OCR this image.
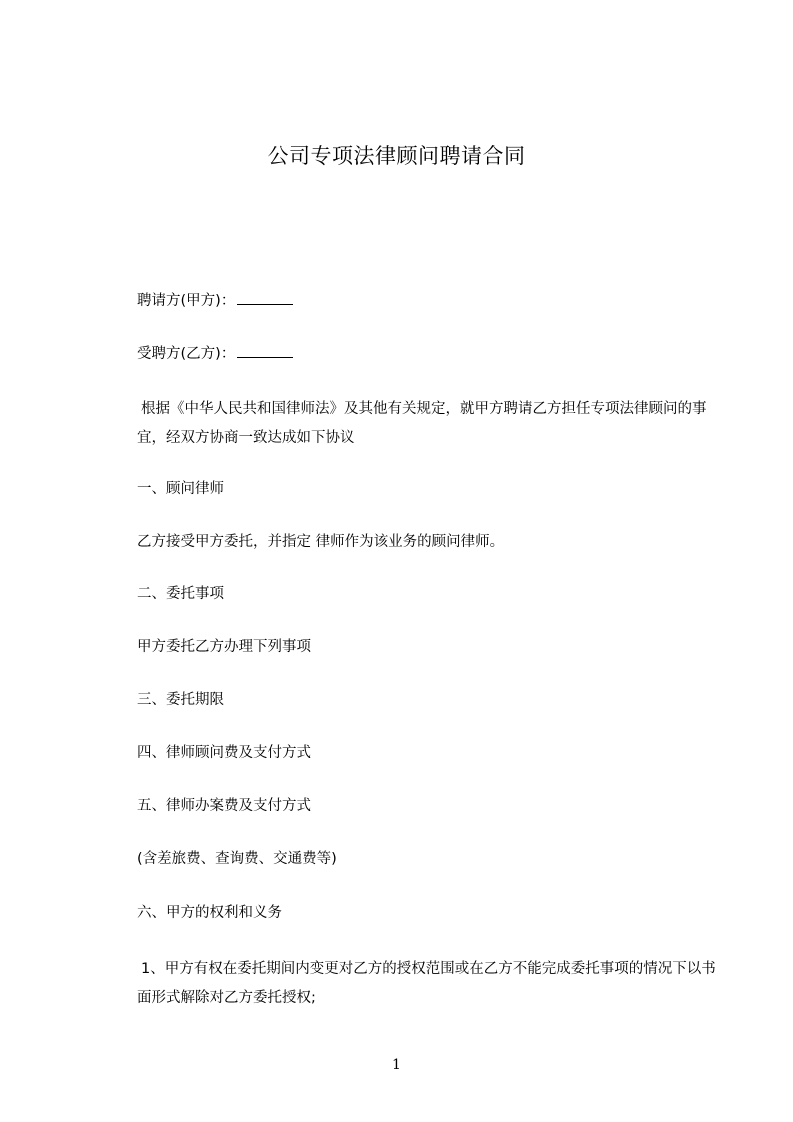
公司专项法律顾问聘请合同
聘请方(甲方)：
受聘方(乙方)：
根据《中华人民共和国律师法》及其他有关规定，就甲方聘请乙方担任专项法律顾问的事宜，经双方协商一致达成如下协议
一、顾问律师
乙方接受甲方委托，并指定 律师作为该业务的顾问律师。
二、委托事项
甲方委托乙方办理下列事项
三、委托期限
四、律师顾问费及支付方式
五、律师办案费及支付方式
(含差旅费、查询费、交通费等)
六、甲方的权利和义务
1、甲方有权在委托期间内变更对乙方的授权范围或在乙方不能完成委托事项的情况下以书面形式解除对乙方委托授权;
1
